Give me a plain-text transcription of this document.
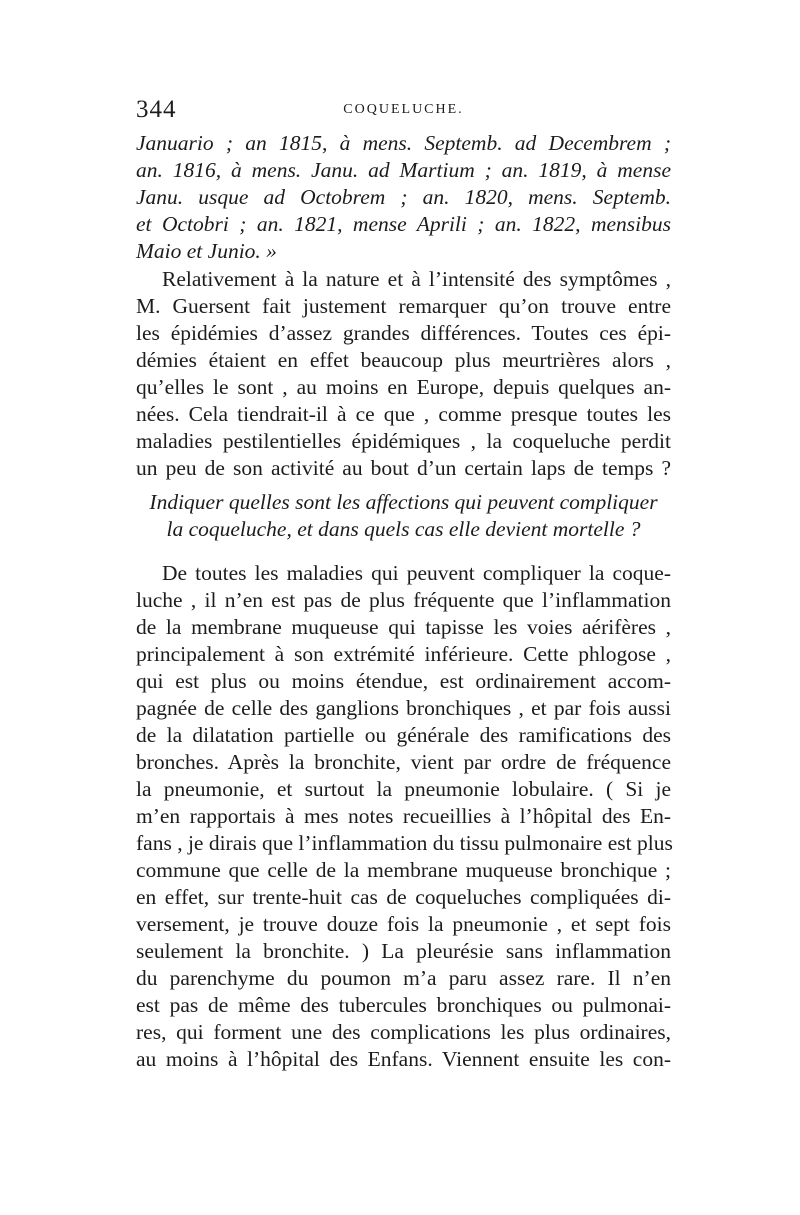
344	COQUELUCHE.
Januario ; an 1815, à mens. Septemb. ad Decembrem ;
an. 1816, à mens. Janu. ad Martium ; an. 1819, à mense
Janu. usque ad Octobrem ; an. 1820, mens. Septemb.
et Octobri ; an. 1821, mense Aprili ; an. 1822, mensibus
Maio et Junio. »
Relativement à la nature et à l’intensité des symptômes ,
M. Guersent fait justement remarquer qu’on trouve entre
les épidémies d’assez grandes différences. Toutes ces épi-
démies étaient en effet beaucoup plus meurtrières alors ,
qu’elles le sont , au moins en Europe, depuis quelques an-
nées. Cela tiendrait-il à ce que , comme presque toutes les
maladies pestilentielles épidémiques , la coqueluche perdit
un peu de son activité au bout d’un certain laps de temps ?
Indiquer quelles sont les affections qui peuvent compliquer
la coqueluche, et dans quels cas elle devient mortelle ?
De toutes les maladies qui peuvent compliquer la coque-
luche , il n’en est pas de plus fréquente que l’inflammation
de la membrane muqueuse qui tapisse les voies aérifères ,
principalement à son extrémité inférieure. Cette phlogose ,
qui est plus ou moins étendue, est ordinairement accom-
pagnée de celle des ganglions bronchiques , et par fois aussi
de la dilatation partielle ou générale des ramifications des
bronches. Après la bronchite, vient par ordre de fréquence
la pneumonie, et surtout la pneumonie lobulaire. ( Si je
m’en rapportais à mes notes recueillies à l’hôpital des En-
fans , je dirais que l’inflammation du tissu pulmonaire est plus
commune que celle de la membrane muqueuse bronchique ;
en effet, sur trente-huit cas de coqueluches compliquées di-
versement, je trouve douze fois la pneumonie , et sept fois
seulement la bronchite. ) La pleurésie sans inflammation
du parenchyme du poumon m’a paru assez rare. Il n’en
est pas de même des tubercules bronchiques ou pulmonai-
res, qui forment une des complications les plus ordinaires,
au moins à l’hôpital des Enfans. Viennent ensuite les con-
